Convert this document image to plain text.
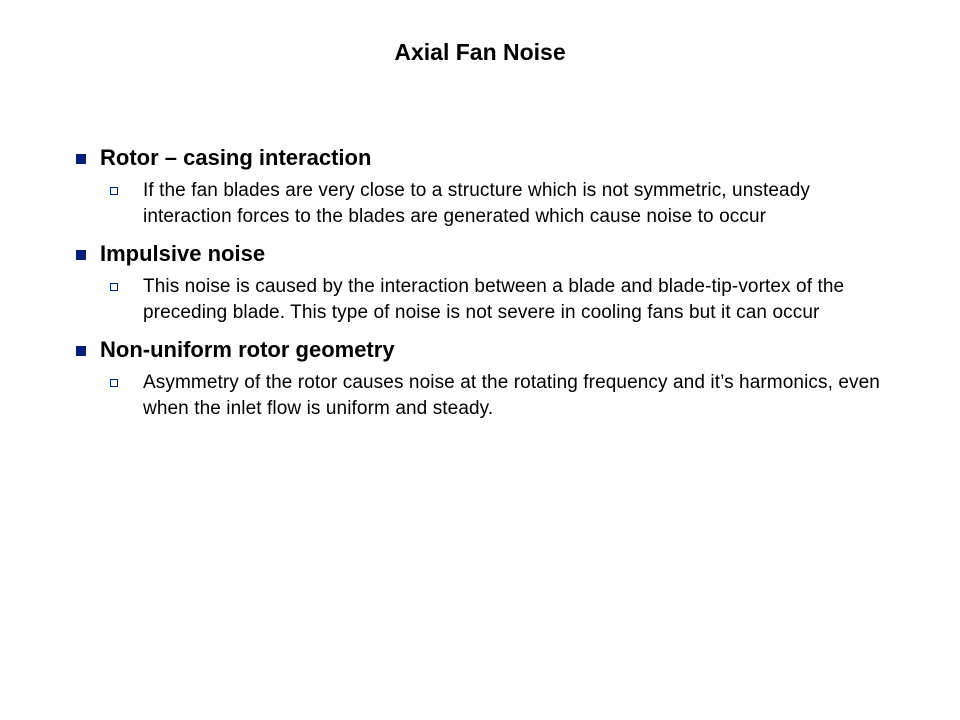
Axial Fan Noise
Rotor – casing interaction
If the fan blades are very close to a structure which is not symmetric, unsteady interaction forces to the blades are generated which cause noise to occur
Impulsive noise
This noise is caused by the interaction between a blade and blade-tip-vortex of the preceding blade. This type of noise is not severe in cooling fans but it can occur
Non-uniform rotor geometry
Asymmetry of the rotor causes noise at the rotating frequency and it’s harmonics, even when the inlet flow is uniform and steady.
